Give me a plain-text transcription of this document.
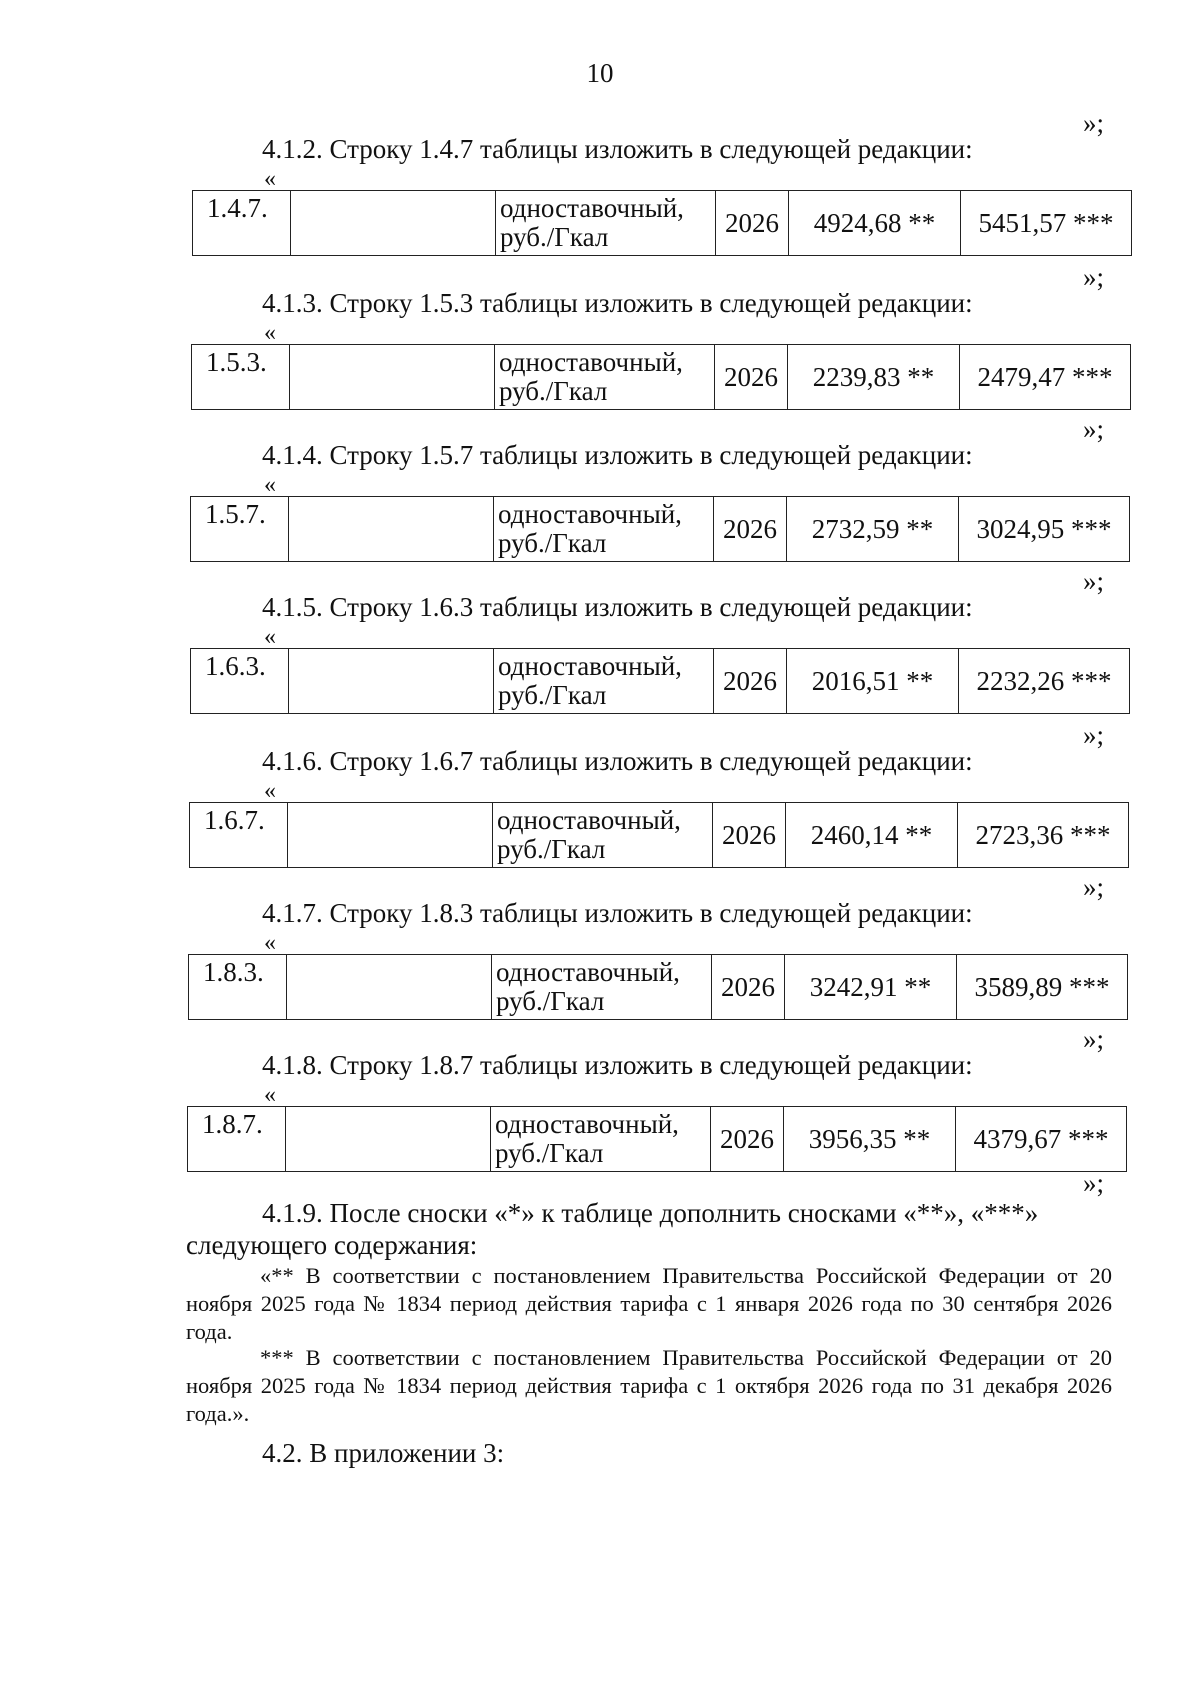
10
»;
4.1.2. Строку 1.4.7 таблицы изложить в следующей редакции:
«
1.4.7.		одноставочный,
руб./Гкал	2026	4924,68 **	5451,57 ***
»;
4.1.3. Строку 1.5.3 таблицы изложить в следующей редакции:
«
1.5.3.		одноставочный,
руб./Гкал	2026	2239,83 **	2479,47 ***
»;
4.1.4. Строку 1.5.7 таблицы изложить в следующей редакции:
«
1.5.7.		одноставочный,
руб./Гкал	2026	2732,59 **	3024,95 ***
»;
4.1.5. Строку 1.6.3 таблицы изложить в следующей редакции:
«
1.6.3.		одноставочный,
руб./Гкал	2026	2016,51 **	2232,26 ***
»;
4.1.6. Строку 1.6.7 таблицы изложить в следующей редакции:
«
1.6.7.		одноставочный,
руб./Гкал	2026	2460,14 **	2723,36 ***
»;
4.1.7. Строку 1.8.3 таблицы изложить в следующей редакции:
«
1.8.3.		одноставочный,
руб./Гкал	2026	3242,91 **	3589,89 ***
»;
4.1.8. Строку 1.8.7 таблицы изложить в следующей редакции:
«
1.8.7.		одноставочный,
руб./Гкал	2026	3956,35 **	4379,67 ***
»;
4.1.9. После сноски «*» к таблице дополнить сносками «**», «***»
следующего содержания:
«** В соответствии с постановлением Правительства Российской Федерации от 20 ноября 2025 года № 1834 период действия тарифа с 1 января 2026 года по 30 сентября 2026 года.
*** В соответствии с постановлением Правительства Российской Федерации от 20 ноября 2025 года № 1834 период действия тарифа с 1 октября 2026 года по 31 декабря 2026 года.».
4.2. В приложении 3:
